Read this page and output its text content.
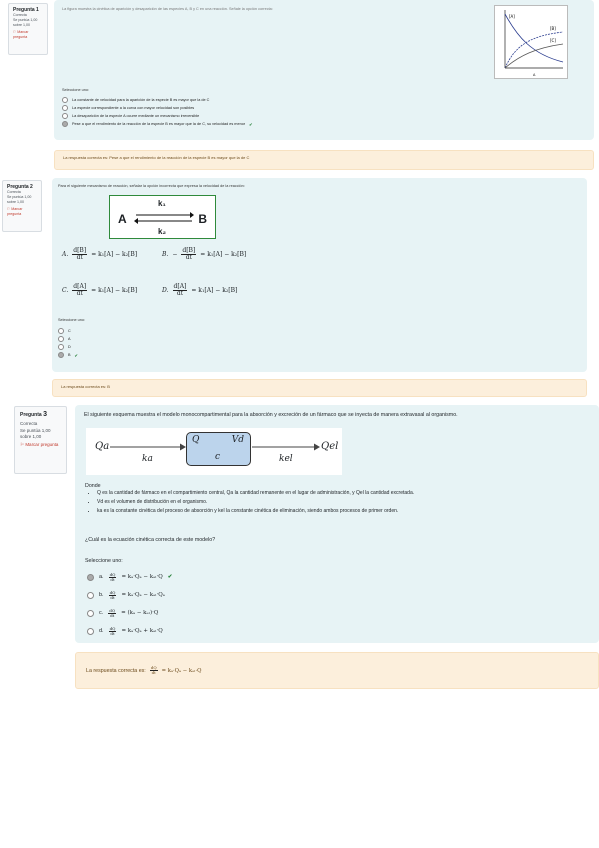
Pregunta 1
Correcta
Se puntúa 1,00 sobre 1,00
⚐ Marcar pregunta
La figura muestra la cinética de aparición y desaparición de las especies A, B y C en una reacción. Señale la opción correcta:
[B]
[C]
[A]
A
Seleccione uno:
La constante de velocidad para la aparición de la especie B es mayor que la de C
La especie correspondiente a la curva con mayor velocidad son posibles
La desaparición de la especie A ocurre mediante un mecanismo irreversible
Pese a que el rendimiento de la reacción de la especie B es mayor que la de C, su velocidad es menor ✔
La respuesta correcta es: Pese a que el rendimiento de la reacción de la especie B es mayor que la de C
Pregunta 2
Correcta
Se puntúa 1,00 sobre 1,00
⚐ Marcar pregunta
Para el siguiente mecanismo de reacción, señalar la opción incorrecta que expresa la velocidad de la reacción:
A	B
k₁
k₂
A. $\frac{d[B]}{dt} = k_1[A] - k_2[B]$	B. − $\frac{d[B]}{dt} = k_1[A] - k_2[B]$
C. $\frac{d[A]}{dt} = k_1[A] - k_2[B]$	D. $\frac{d[A]}{dt} = k_1[A] - k_2[B]$
Seleccione uno:
C
A
D
B ✔
La respuesta correcta es: B
Pregunta 3
Correcta
Se puntúa 1,00 sobre 1,00
⚐ Marcar pregunta
El siguiente esquema muestra el modelo monocompartimental para la absorción y excreción de un fármaco que se inyecta de manera extravasal al organismo.
Qa
ka
Q	Vd
c	kel
Qel
Donde
• Q es la cantidad de fármaco en el compartimiento central, Qa la cantidad remanente en el lugar de administración, y Qel la cantidad excretada.
• Vd es el volumen de distribución en el organismo.
• ka es la constante cinética del proceso de absorción y kel la constante cinética de eliminación, siendo ambos procesos de primer orden.
¿Cuál es la ecuación cinética correcta de este modelo?
Seleccione uno:
a. $\frac{dQ}{dt} = k_a\cdot Q_a - k_{el}\cdot Q$ ✔
b. $\frac{dQ}{dt} = k_a\cdot Q_a - k_{el}\cdot Q_a$
c. $\frac{dQ}{dt} = (k_a - k_{el})\cdot Q$
d. $\frac{dQ}{dt} = k_a\cdot Q_a + k_{el}\cdot Q$
La respuesta correcta es: $\frac{dQ}{dt} = k_a\cdot Q_a - k_{el}\cdot Q$
